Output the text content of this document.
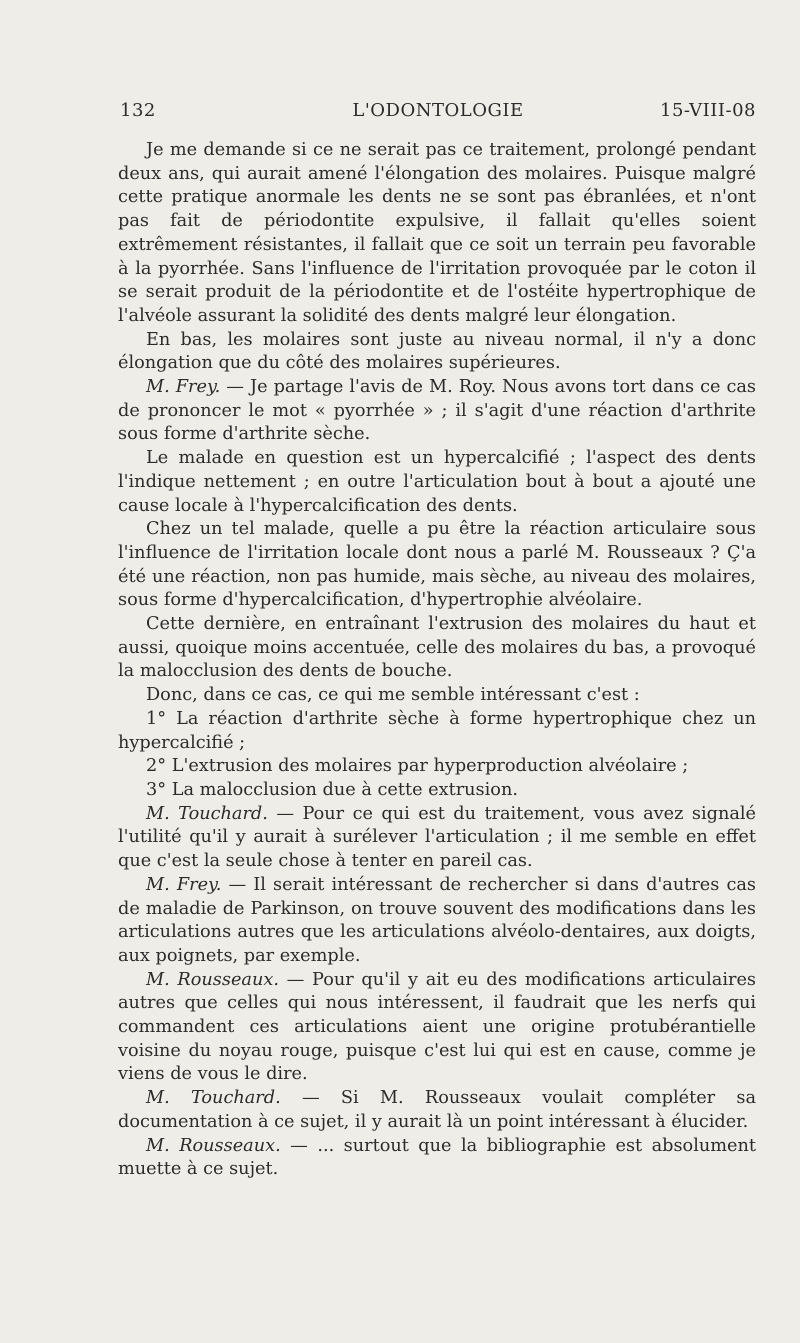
L'ODONTOLOGIE
132	15-VIII-08

Je me demande si ce ne serait pas ce traitement, prolongé pendant deux ans, qui aurait amené l'élongation des molaires. Puisque malgré cette pratique anormale les dents ne se sont pas ébranlées, et n'ont pas fait de périodontite expulsive, il fallait qu'elles soient extrêmement résistantes, il fallait que ce soit un terrain peu favorable à la pyorrhée. Sans l'influence de l'irritation provoquée par le coton il se serait produit de la périodontite et de l'ostéite hypertrophique de l'alvéole assurant la solidité des dents malgré leur élongation.

En bas, les molaires sont juste au niveau normal, il n'y a donc élongation que du côté des molaires supérieures.

M. Frey. — Je partage l'avis de M. Roy. Nous avons tort dans ce cas de prononcer le mot « pyorrhée » ; il s'agit d'une réaction d'arthrite sous forme d'arthrite sèche.

Le malade en question est un hypercalcifié ; l'aspect des dents l'indique nettement ; en outre l'articulation bout à bout a ajouté une cause locale à l'hypercalcification des dents.

Chez un tel malade, quelle a pu être la réaction articulaire sous l'influence de l'irritation locale dont nous a parlé M. Rousseaux ? Ç'a été une réaction, non pas humide, mais sèche, au niveau des molaires, sous forme d'hypercalcification, d'hypertrophie alvéolaire.

Cette dernière, en entraînant l'extrusion des molaires du haut et aussi, quoique moins accentuée, celle des molaires du bas, a provoqué la malocclusion des dents de bouche.

Donc, dans ce cas, ce qui me semble intéressant c'est :

1° La réaction d'arthrite sèche à forme hypertrophique chez un hypercalcifié ;

2° L'extrusion des molaires par hyperproduction alvéolaire ;

3° La malocclusion due à cette extrusion.

M. Touchard. — Pour ce qui est du traitement, vous avez signalé l'utilité qu'il y aurait à surélever l'articulation ; il me semble en effet que c'est la seule chose à tenter en pareil cas.

M. Frey. — Il serait intéressant de rechercher si dans d'autres cas de maladie de Parkinson, on trouve souvent des modifications dans les articulations autres que les articulations alvéolo-dentaires, aux doigts, aux poignets, par exemple.

M. Rousseaux. — Pour qu'il y ait eu des modifications articulaires autres que celles qui nous intéressent, il faudrait que les nerfs qui commandent ces articulations aient une origine protubérantielle voisine du noyau rouge, puisque c'est lui qui est en cause, comme je viens de vous le dire.

M. Touchard. — Si M. Rousseaux voulait compléter sa documentation à ce sujet, il y aurait là un point intéressant à élucider.

M. Rousseaux. — ... surtout que la bibliographie est absolument muette à ce sujet.
